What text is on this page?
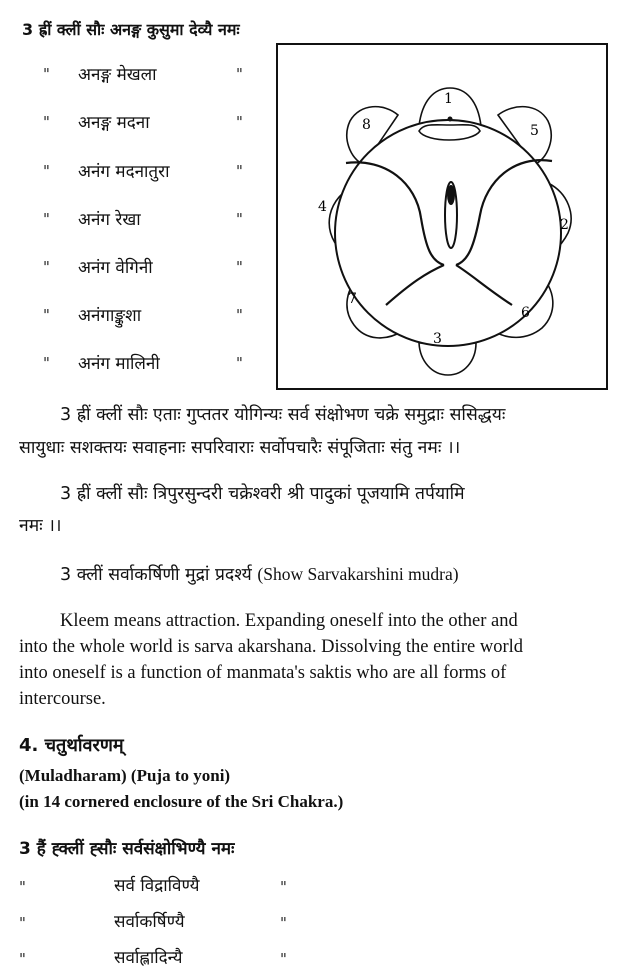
3 ह्रीं क्लीं सौः अनङ्ग कुसुमा देव्यै नमः
" अनङ्ग मेखला	"
" अनङ्ग मदना	"
" अनंग मदनातुरा	"
" अनंग रेखा	"
" अनंग वेगिनी	"
" अनंगाङ्कुशा	"
" अनंग मालिनी	"
1
2
3
4
5
6
7
8
3 ह्रीं क्लीं सौः एताः गुप्ततर योगिन्यः सर्व संक्षोभण चक्रे समुद्राः ससिद्धयः
सायुधाः सशक्तयः सवाहनाः सपरिवाराः सर्वोपचारैः संपूजिताः संतु नमः ।।
3 ह्रीं क्लीं सौः त्रिपुरसुन्दरी चक्रेश्वरी श्री पादुकां पूजयामि तर्पयामि
नमः ।।
3 क्लीं सर्वाकर्षिणी मुद्रां प्रदर्श्य (Show Sarvakarshini mudra)
Kleem means attraction. Expanding oneself into the other and
into the whole world is sarva akarshana. Dissolving the entire world
into oneself is a function of manmata's saktis who are all forms of
intercourse.
4. चतुर्थावरणम्
(Muladharam) (Puja to yoni)
(in 14 cornered enclosure of the Sri Chakra.)
3 हैं ह्क्लीं ह्सौः सर्वसंक्षोभिण्यै नमः
"	सर्व विद्राविण्यै	"
"	सर्वाकर्षिण्यै	"
"	सर्वाह्लादिन्यै	"
